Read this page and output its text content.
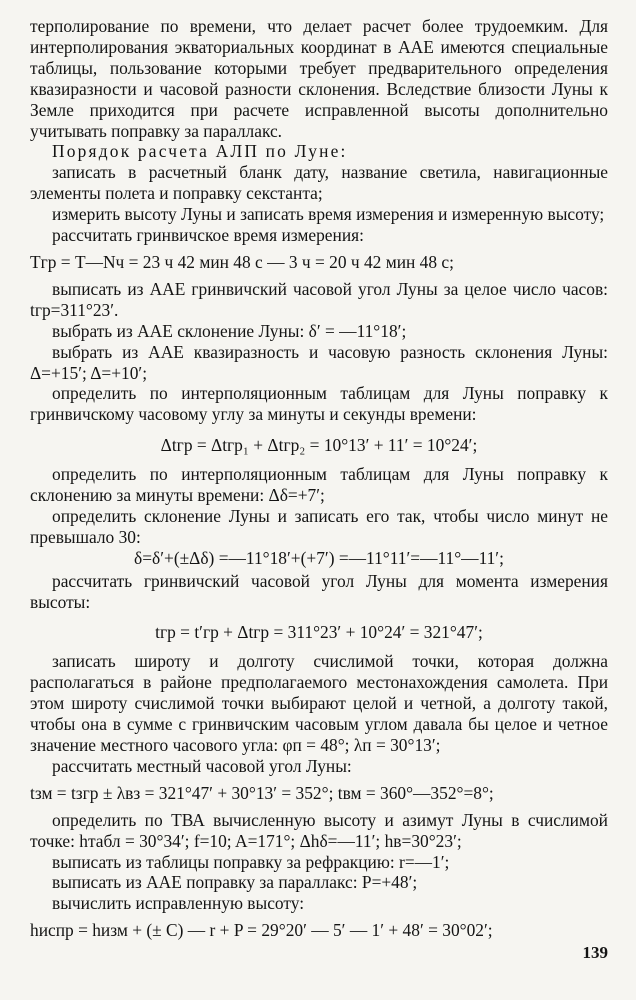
терполирование по времени, что делает расчет более трудоемким. Для интерполирования экваториальных координат в ААЕ имеются специальные таблицы, пользование которыми требует предварительного определения квазиразности и часовой разности склонения. Вследствие близости Луны к Земле приходится при расчете исправленной высоты дополнительно учитывать поправку за параллакс.

Порядок расчета АЛП по Луне:

записать в расчетный бланк дату, название светила, навигационные элементы полета и поправку секстанта;

измерить высоту Луны и записать время измерения и измеренную высоту;

рассчитать гринвичское время измерения:

Tгр = T—Nч = 23 ч 42 мин 48 с — 3 ч = 20 ч 42 мин 48 с;

выписать из ААЕ гринвичский часовой угол Луны за целое число часов: tгр=311°23′.

выбрать из ААЕ склонение Луны: δ′ = —11°18′;

выбрать из ААЕ квазиразность и часовую разность склонения Луны: Δ=+15′; Δ=+10′;

определить по интерполяционным таблицам для Луны поправку к гринвичскому часовому углу за минуты и секунды времени:

Δtгр = Δtгр₁ + Δtгр₂ = 10°13′ + 11′ = 10°24′;

определить по интерполяционным таблицам для Луны поправку к склонению за минуты времени: Δδ=+7′;

определить склонение Луны и записать его так, чтобы число минут не превышало 30:

δ=δ′+(±Δδ) =—11°18′+(+7′) =—11°11′=—11°—11′;

рассчитать гринвичский часовой угол Луны для момента измерения высоты:

tгр = t′гр + Δtгр = 311°23′ + 10°24′ = 321°47′;

записать широту и долготу счислимой точки, которая должна располагаться в районе предполагаемого местонахождения самолета. При этом широту счислимой точки выбирают целой и четной, а долготу такой, чтобы она в сумме с гринвичским часовым углом давала бы целое и четное значение местного часового угла: φп = 48°; λп = 30°13′;

рассчитать местный часовой угол Луны:

tзм = tзгр ± λвз = 321°47′ + 30°13′ = 352°; tвм = 360°—352°=8°;

определить по ТВА вычисленную высоту и азимут Луны в счислимой точке: hтабл = 30°34′; f=10; A=171°; Δhδ=—11′; hв=30°23′;

выписать из таблицы поправку за рефракцию: r=—1′;

выписать из ААЕ поправку за параллакс: P=+48′;

вычислить исправленную высоту:

hиспр = hизм + (± C) — r + P = 29°20′ — 5′ — 1′ + 48′ = 30°02′;

139
